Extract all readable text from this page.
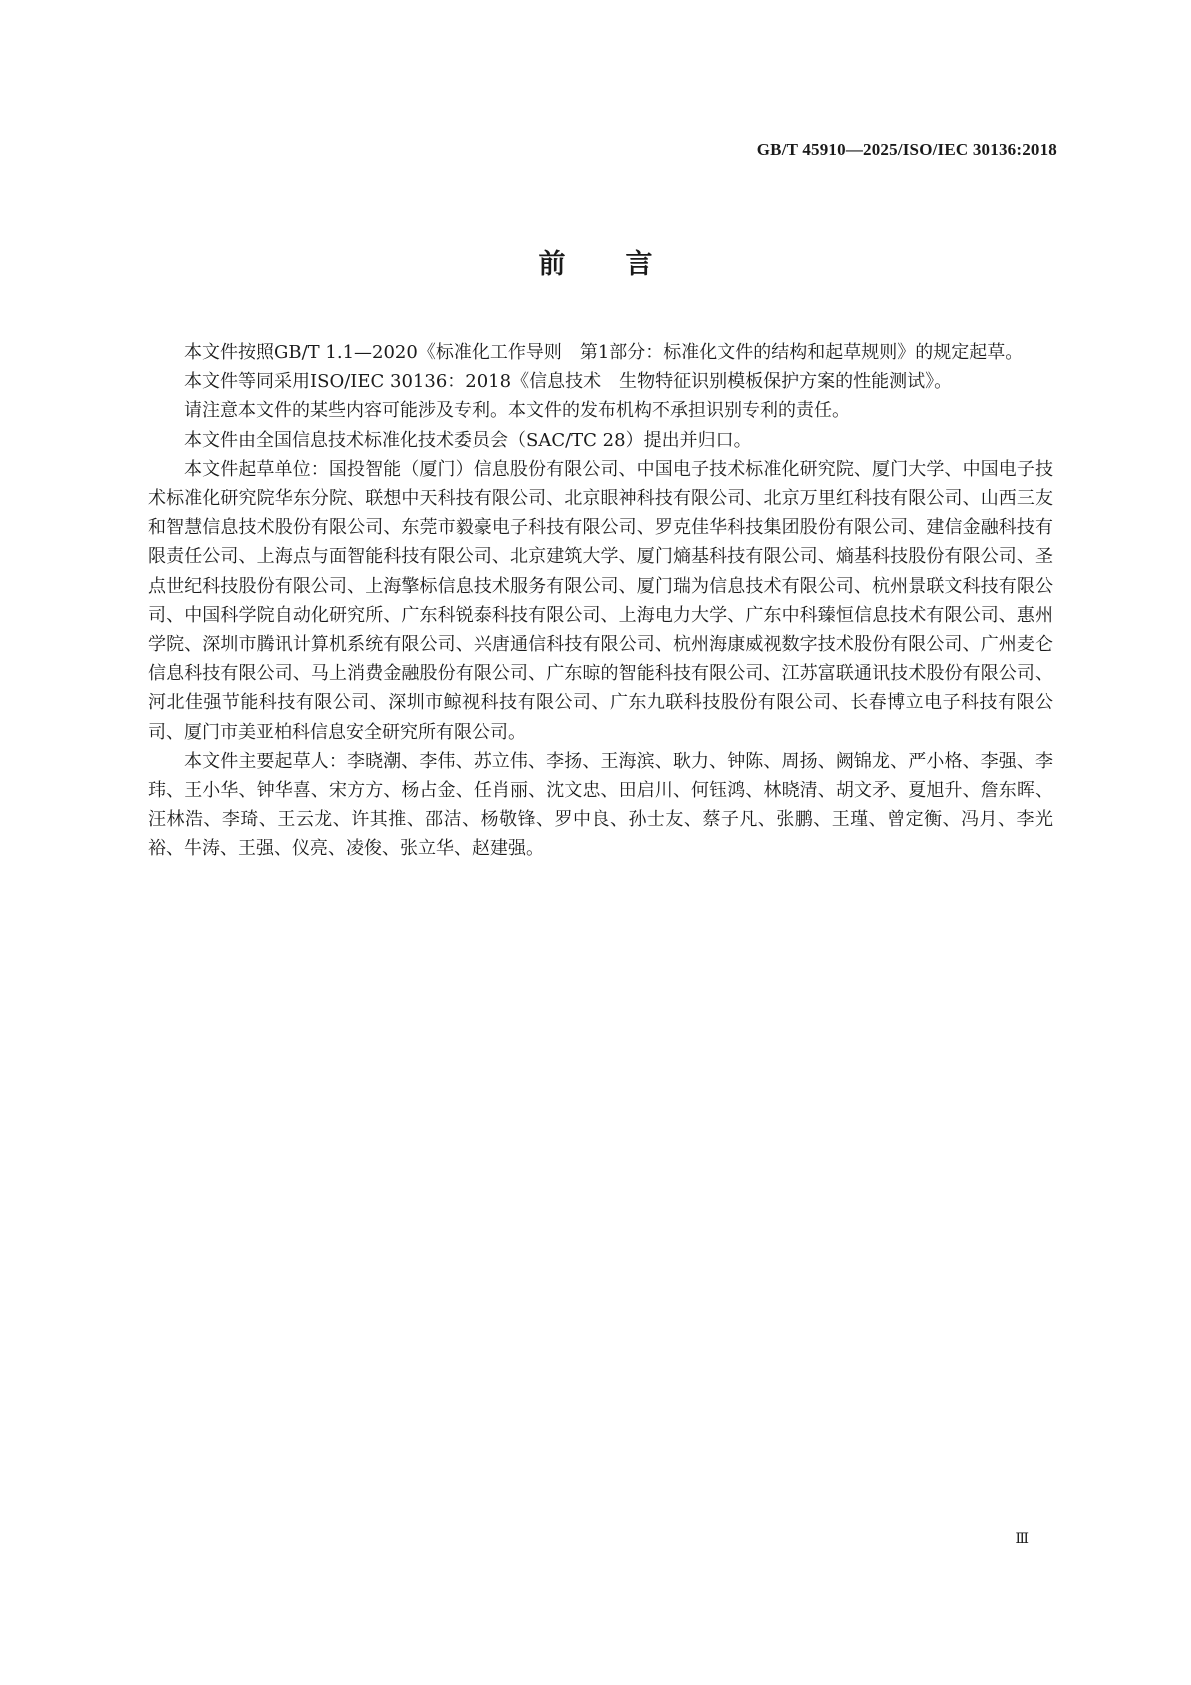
GB/T 45910—2025/ISO/IEC 30136:2018
前言

本文件按照GB/T 1.1—2020《标准化工作导则　第1部分：标准化文件的结构和起草规则》的规定起草。

本文件等同采用ISO/IEC 30136：2018《信息技术　生物特征识别模板保护方案的性能测试》。

请注意本文件的某些内容可能涉及专利。本文件的发布机构不承担识别专利的责任。

本文件由全国信息技术标准化技术委员会（SAC/TC 28）提出并归口。

本文件起草单位：国投智能（厦门）信息股份有限公司、中国电子技术标准化研究院、厦门大学、中国电子技术标准化研究院华东分院、联想中天科技有限公司、北京眼神科技有限公司、北京万里红科技有限公司、山西三友和智慧信息技术股份有限公司、东莞市毅豪电子科技有限公司、罗克佳华科技集团股份有限公司、建信金融科技有限责任公司、上海点与面智能科技有限公司、北京建筑大学、厦门熵基科技有限公司、熵基科技股份有限公司、圣点世纪科技股份有限公司、上海擎标信息技术服务有限公司、厦门瑞为信息技术有限公司、杭州景联文科技有限公司、中国科学院自动化研究所、广东科锐泰科技有限公司、上海电力大学、广东中科臻恒信息技术有限公司、惠州学院、深圳市腾讯计算机系统有限公司、兴唐通信科技有限公司、杭州海康威视数字技术股份有限公司、广州麦仑信息科技有限公司、马上消费金融股份有限公司、广东晾的智能科技有限公司、江苏富联通讯技术股份有限公司、河北佳强节能科技有限公司、深圳市鲸视科技有限公司、广东九联科技股份有限公司、长春博立电子科技有限公司、厦门市美亚柏科信息安全研究所有限公司。

本文件主要起草人：李晓潮、李伟、苏立伟、李扬、王海滨、耿力、钟陈、周扬、阙锦龙、严小格、李强、李玮、王小华、钟华喜、宋方方、杨占金、任肖丽、沈文忠、田启川、何钰鸿、林晓清、胡文矛、夏旭升、詹东晖、汪林浩、李琦、王云龙、许其推、邵洁、杨敬锋、罗中良、孙士友、蔡子凡、张鹏、王瑾、曾定衡、冯月、李光裕、牛涛、王强、仪亮、凌俊、张立华、赵建强。

Ⅲ
